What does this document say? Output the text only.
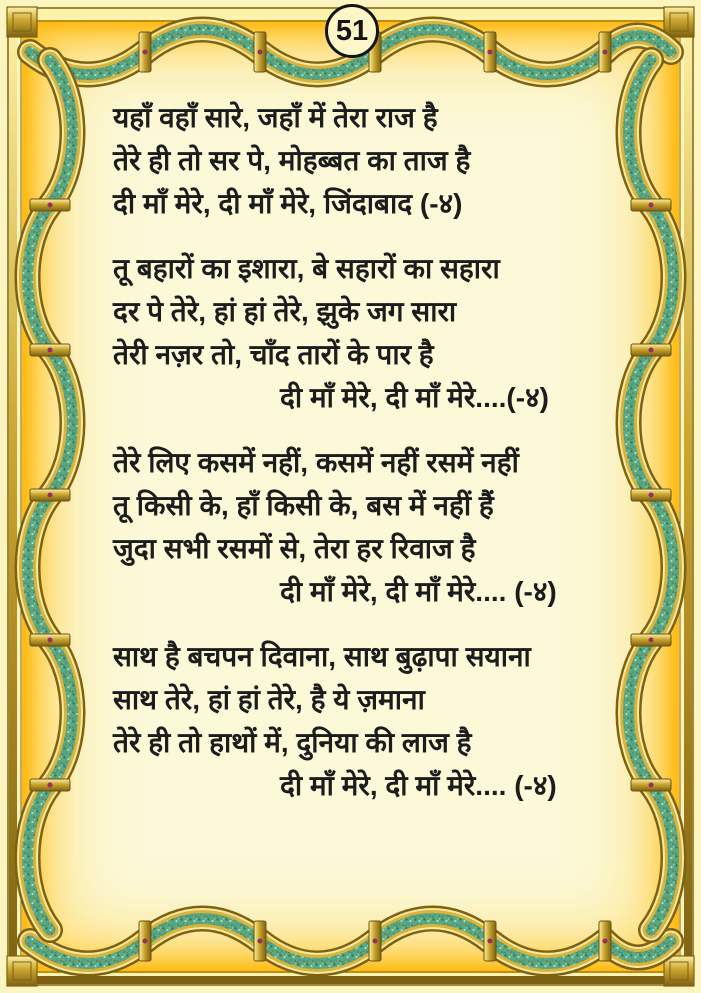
51
यहाँ वहाँ सारे, जहाँ में तेरा राज है
तेरे ही तो सर पे, मोहब्बत का ताज है
दी माँ मेरे, दी माँ मेरे, जिंदाबाद (-४)
तू बहारों का इशारा, बे सहारों का सहारा
दर पे तेरे, हां हां तेरे, झुके जग सारा
तेरी नज़र तो, चाँद तारों के पार है
दी माँ मेरे, दी माँ मेरे....(-४)
तेरे लिए कसमें नहीं, कसमें नहीं रसमें नहीं
तू किसी के, हाँ किसी के, बस में नहीं हैं
जुदा सभी रसमों से, तेरा हर रिवाज है
दी माँ मेरे, दी माँ मेरे.... (-४)
साथ है बचपन दिवाना, साथ बुढ़ापा सयाना
साथ तेरे, हां हां तेरे, है ये ज़माना
तेरे ही तो हाथों में, दुनिया की लाज है
दी माँ मेरे, दी माँ मेरे.... (-४)
